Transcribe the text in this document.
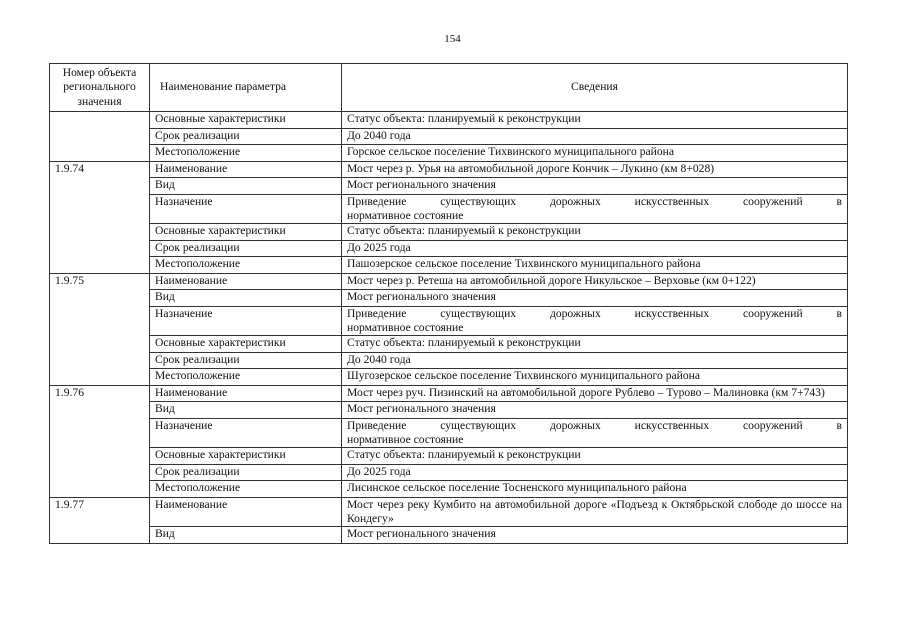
154
Номер объекта регионального значения	Наименование параметра	Сведения
	Основные характеристики	Статус объекта: планируемый к реконструкции
	Срок реализации	До 2040 года
	Местоположение	Горское сельское поселение Тихвинского муниципального района
1.9.74	Наименование	Мост через р. Урья на автомобильной дороге Кончик – Лукино (км 8+028)
	Вид	Мост регионального значения
	Назначение	Приведение существующих дорожных искусственных сооружений в
нормативное состояние

	Основные характеристики	Статус объекта: планируемый к реконструкции
	Срок реализации	До 2025 года
	Местоположение	Пашозерское сельское поселение Тихвинского муниципального района
1.9.75	Наименование	Мост через р. Ретеша на автомобильной дороге Никульское – Верховье (км 0+122)
	Вид	Мост регионального значения
	Назначение	Приведение существующих дорожных искусственных сооружений в
нормативное состояние

	Основные характеристики	Статус объекта: планируемый к реконструкции
	Срок реализации	До 2040 года
	Местоположение	Шугозерское сельское поселение Тихвинского муниципального района
1.9.76	Наименование	Мост через руч. Пизинский на автомобильной дороге Рублево – Турово – Малиновка (км 7+743)
	Вид	Мост регионального значения
	Назначение	Приведение существующих дорожных искусственных сооружений в
нормативное состояние

	Основные характеристики	Статус объекта: планируемый к реконструкции
	Срок реализации	До 2025 года
	Местоположение	Лисинское сельское поселение Тосненского муниципального района
1.9.77	Наименование	Мост через реку Кумбито на автомобильной дороге «Подъезд к Октябрьской слободе до шоссе на Кондегу»
	Вид	Мост регионального значения
